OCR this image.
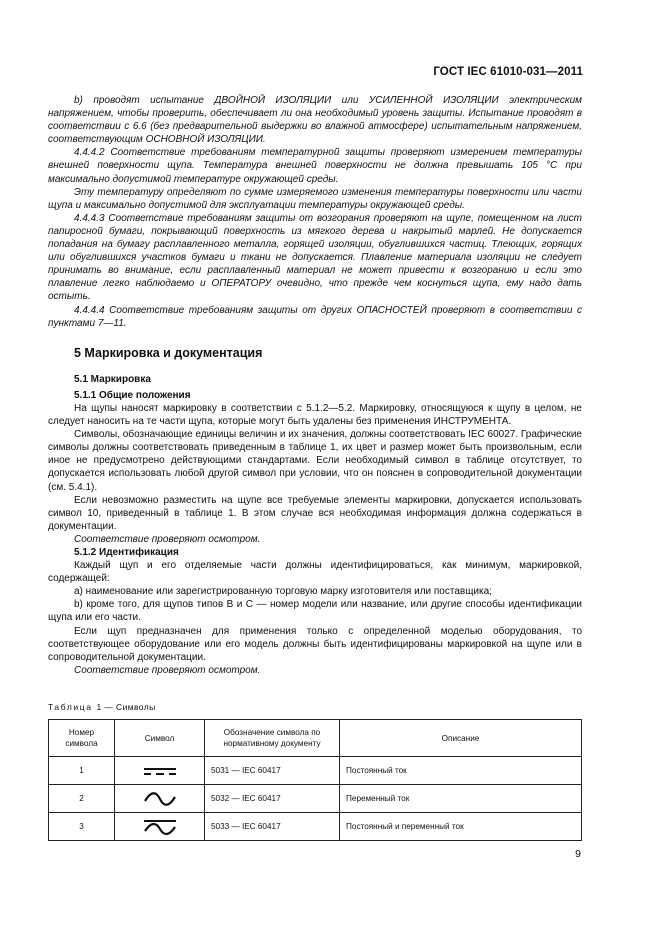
ГОСТ IEC 61010-031—2011

b) проводят испытание ДВОЙНОЙ ИЗОЛЯЦИИ или УСИЛЕННОЙ ИЗОЛЯЦИИ электрическим напряжением, чтобы проверить, обеспечивает ли она необходимый уровень защиты. Испытание проводят в соответствии с 6.6 (без предварительной выдержки во влажной атмосфере) испытательным напряжением, соответствующим ОСНОВНОЙ ИЗОЛЯЦИИ.

4.4.4.2 Соответствие требованиям температурной защиты проверяют измерением температуры внешней поверхности щупа. Температура внешней поверхности не должна превышать 105 °С при максимально допустимой температуре окружающей среды.

Эту температуру определяют по сумме измеряемого изменения температуры поверхности или части щупа и максимально допустимой для эксплуатации температуры окружающей среды.

4.4.4.3 Соответствие требованиям защиты от возгорания проверяют на щупе, помещенном на лист папиросной бумаги, покрывающий поверхность из мягкого дерева и накрытый марлей. Не допускается попадания на бумагу расплавленного металла, горящей изоляции, обуглившихся частиц. Тлеющих, горящих или обуглившихся участков бумаги и ткани не допускается. Плавление материала изоляции не следует принимать во внимание, если расплавленный материал не может привести к возгоранию и если это плавление легко наблюдаемо и ОПЕРАТОРУ очевидно, что прежде чем коснуться щупа, ему надо дать остыть.

4.4.4.4 Соответствие требованиям защиты от других ОПАСНОСТЕЙ проверяют в соответствии с пунктами 7—11.

5 Маркировка и документация

5.1 Маркировка

5.1.1 Общие положения

На щупы наносят маркировку в соответствии с 5.1.2—5.2. Маркировку, относящуюся к щупу в целом, не следует наносить на те части щупа, которые могут быть удалены без применения ИНСТРУМЕНТА.

Символы, обозначающие единицы величин и их значения, должны соответствовать IEC 60027. Графические символы должны соответствовать приведенным в таблице 1, их цвет и размер может быть произвольным, если иное не предусмотрено действующими стандартами. Если необходимый символ в таблице отсутствует, то допускается использовать любой другой символ при условии, что он пояснен в сопроводительной документации (см. 5.4.1).

Если невозможно разместить на щупе все требуемые элементы маркировки, допускается использовать символ 10, приведенный в таблице 1. В этом случае вся необходимая информация должна содержаться в документации.

Соответствие проверяют осмотром.

5.1.2 Идентификация

Каждый щуп и его отделяемые части должны идентифицироваться, как минимум, маркировкой, содержащей:

a) наименование или зарегистрированную торговую марку изготовителя или поставщика;

b) кроме того, для щупов типов В и С — номер модели или название, или другие способы идентификации щупа или его части.

Если щуп предназначен для применения только с определенной моделью оборудования, то соответствующее оборудование или его модель должны быть идентифицированы маркировкой на щупе или в сопроводительной документации.

Соответствие проверяют осмотром.

Таблица 1 — Символы
Номер символа	Символ	Обозначение символа по нормативному документу	Описание
1		5031 — IEC 60417	Постоянный ток
2		5032 — IEC 60417	Переменный ток
3		5033 — IEC 60417	Постоянный и переменный ток
9
